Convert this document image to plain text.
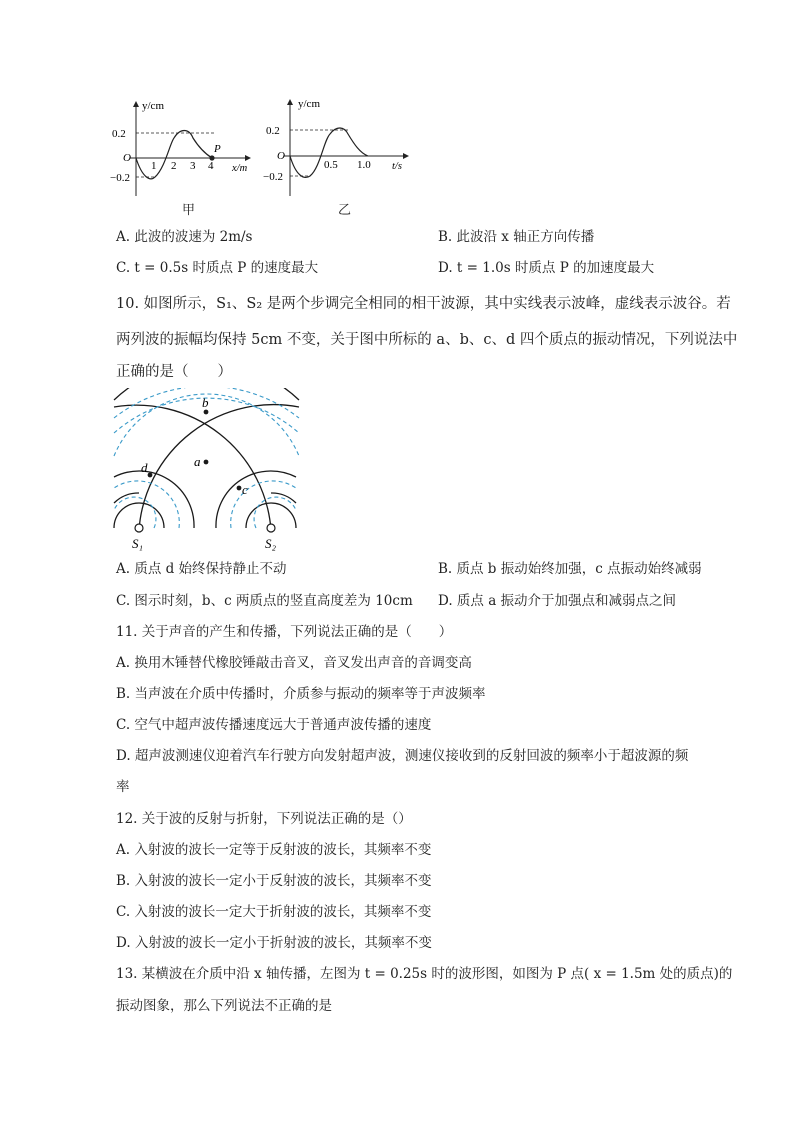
y/cm
0.2
−0.2
O
1 2 3 4
P
x/m
甲
y/cm
0.2
−0.2
O
0.5 1.0 t/s
乙
A. 此波的波速为 2m/s	B. 此波沿 x 轴正方向传播
C. t = 0.5s 时质点 P 的速度最大	D. t = 1.0s 时质点 P 的加速度最大
10. 如图所示，S₁、S₂ 是两个步调完全相同的相干波源，其中实线表示波峰，虚线表示波谷。若
两列波的振幅均保持 5cm 不变，关于图中所标的 a、b、c、d 四个质点的振动情况，下列说法中
正确的是（　　）
b
a
c
d
S₁	S₂
A. 质点 d 始终保持静止不动	B. 质点 b 振动始终加强，c 点振动始终减弱
C. 图示时刻，b、c 两质点的竖直高度差为 10cm D. 质点 a 振动介于加强点和减弱点之间
11. 关于声音的产生和传播，下列说法正确的是（　　）
A. 换用木锤替代橡胶锤敲击音叉，音叉发出声音的音调变高
B. 当声波在介质中传播时，介质参与振动的频率等于声波频率
C. 空气中超声波传播速度远大于普通声波传播的速度
D. 超声波测速仪迎着汽车行驶方向发射超声波，测速仪接收到的反射回波的频率小于超波源的频
率
12. 关于波的反射与折射，下列说法正确的是（）
A. 入射波的波长一定等于反射波的波长，其频率不变
B. 入射波的波长一定小于反射波的波长，其频率不变
C. 入射波的波长一定大于折射波的波长，其频率不变
D. 入射波的波长一定小于折射波的波长，其频率不变
13. 某横波在介质中沿 x 轴传播，左图为 t = 0.25s 时的波形图，如图为 P 点( x = 1.5m 处的质点)的
振动图象，那么下列说法不正确的是
